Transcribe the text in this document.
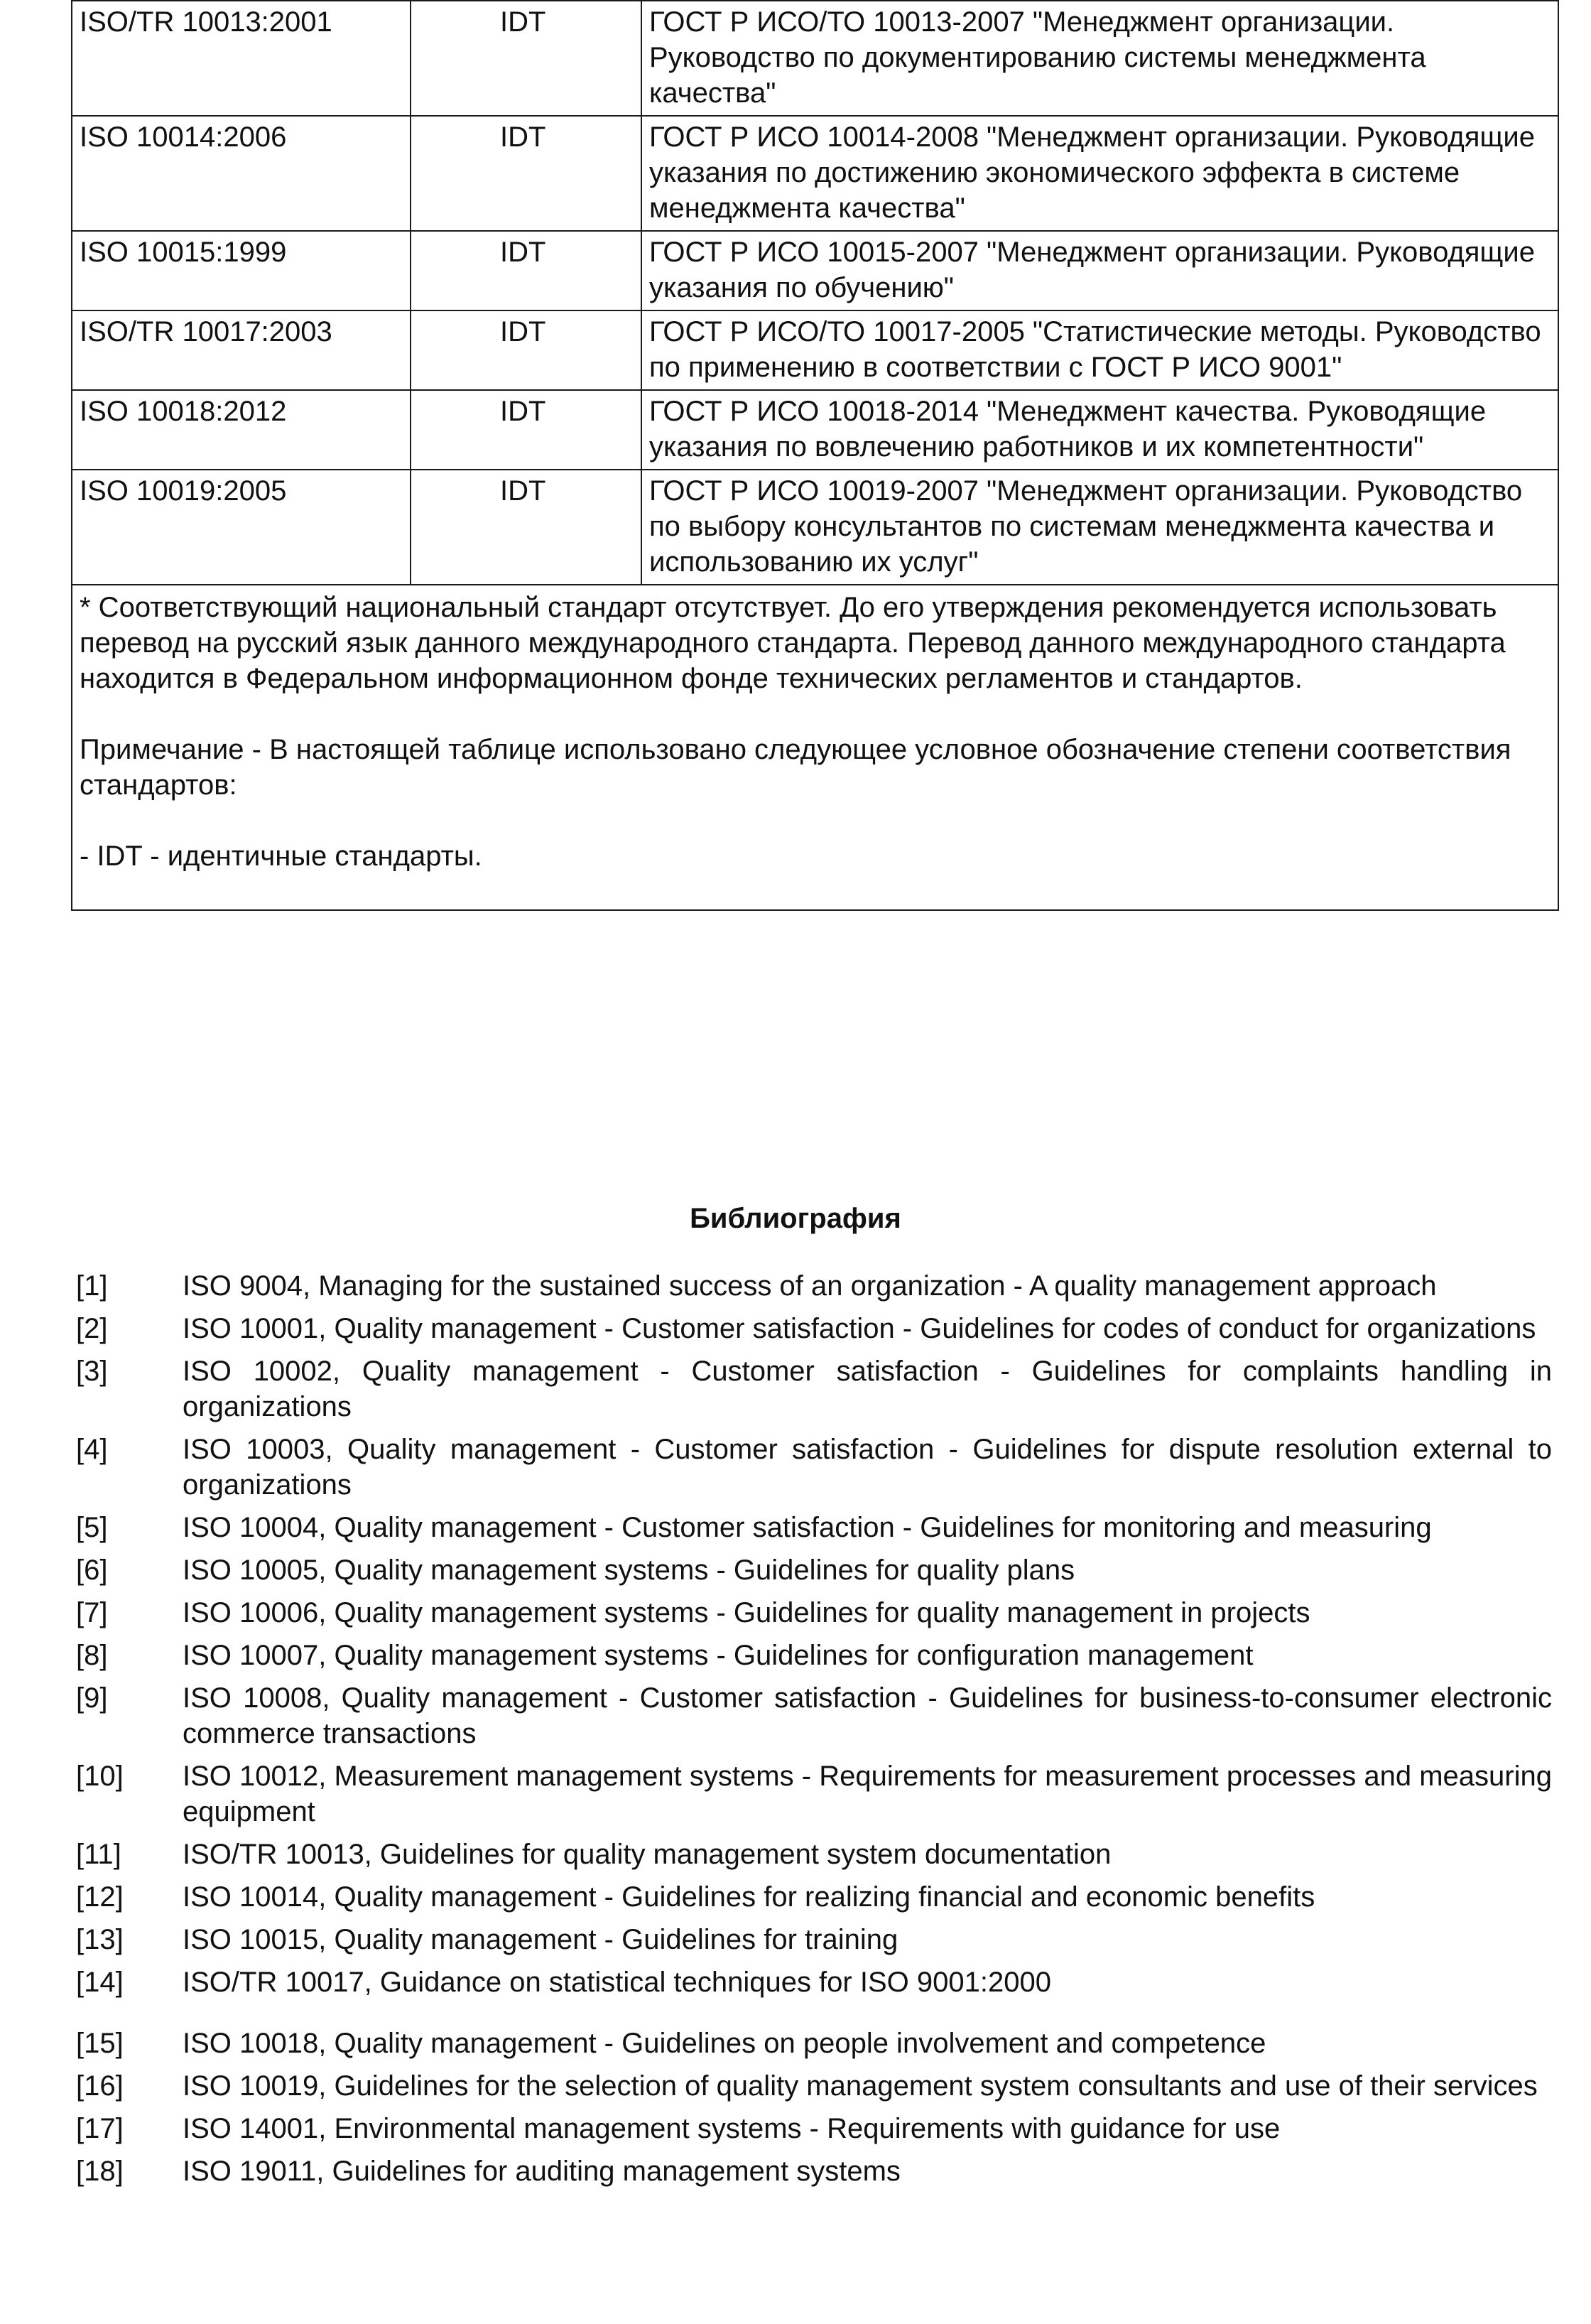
ISO/TR 10013:2001	IDT	ГОСТ Р ИСО/ТО 10013-2007 "Менеджмент организации. Руководство по документированию системы менеджмента качества"
ISO 10014:2006	IDT	ГОСТ Р ИСО 10014-2008 "Менеджмент организации. Руководящие указания по достижению экономического эффекта в системе менеджмента качества"
ISO 10015:1999	IDT	ГОСТ Р ИСО 10015-2007 "Менеджмент организации. Руководящие указания по обучению"
ISO/TR 10017:2003	IDT	ГОСТ Р ИСО/ТО 10017-2005 "Статистические методы. Руководство по применению в соответствии с ГОСТ Р ИСО 9001"
ISO 10018:2012	IDT	ГОСТ Р ИСО 10018-2014 "Менеджмент качества. Руководящие указания по вовлечению работников и их компетентности"
ISO 10019:2005	IDT	ГОСТ Р ИСО 10019-2007 "Менеджмент организации. Руководство по выбору консультантов по системам менеджмента качества и использованию их услуг"

* Соответствующий национальный стандарт отсутствует. До его утверждения рекомендуется использовать перевод на русский язык данного международного стандарта. Перевод данного международного стандарта находится в Федеральном информационном фонде технических регламентов и стандартов.

Примечание - В настоящей таблице использовано следующее условное обозначение степени соответствия стандартов:

- IDT - идентичные стандарты.		

Библиография
[1]	ISO 9004, Managing for the sustained success of an organization - A quality management approach
[2]	ISO 10001, Quality management - Customer satisfaction - Guidelines for codes of conduct for organizations
[3]	ISO 10002, Quality management - Customer satisfaction - Guidelines for complaints handling in organizations
[4]	ISO 10003, Quality management - Customer satisfaction - Guidelines for dispute resolution external to organizations
[5]	ISO 10004, Quality management - Customer satisfaction - Guidelines for monitoring and measuring
[6]	ISO 10005, Quality management systems - Guidelines for quality plans
[7]	ISO 10006, Quality management systems - Guidelines for quality management in projects
[8]	ISO 10007, Quality management systems - Guidelines for configuration management
[9]	ISO 10008, Quality management - Customer satisfaction - Guidelines for business-to-consumer electronic commerce transactions
[10]	ISO 10012, Measurement management systems - Requirements for measurement processes and measuring equipment
[11]	ISO/TR 10013, Guidelines for quality management system documentation
[12]	ISO 10014, Quality management - Guidelines for realizing financial and economic benefits
[13]	ISO 10015, Quality management - Guidelines for training
[14]	ISO/TR 10017, Guidance on statistical techniques for ISO 9001:2000
[15]	ISO 10018, Quality management - Guidelines on people involvement and competence
[16]	ISO 10019, Guidelines for the selection of quality management system consultants and use of their services
[17]	ISO 14001, Environmental management systems - Requirements with guidance for use
[18]	ISO 19011, Guidelines for auditing management systems
